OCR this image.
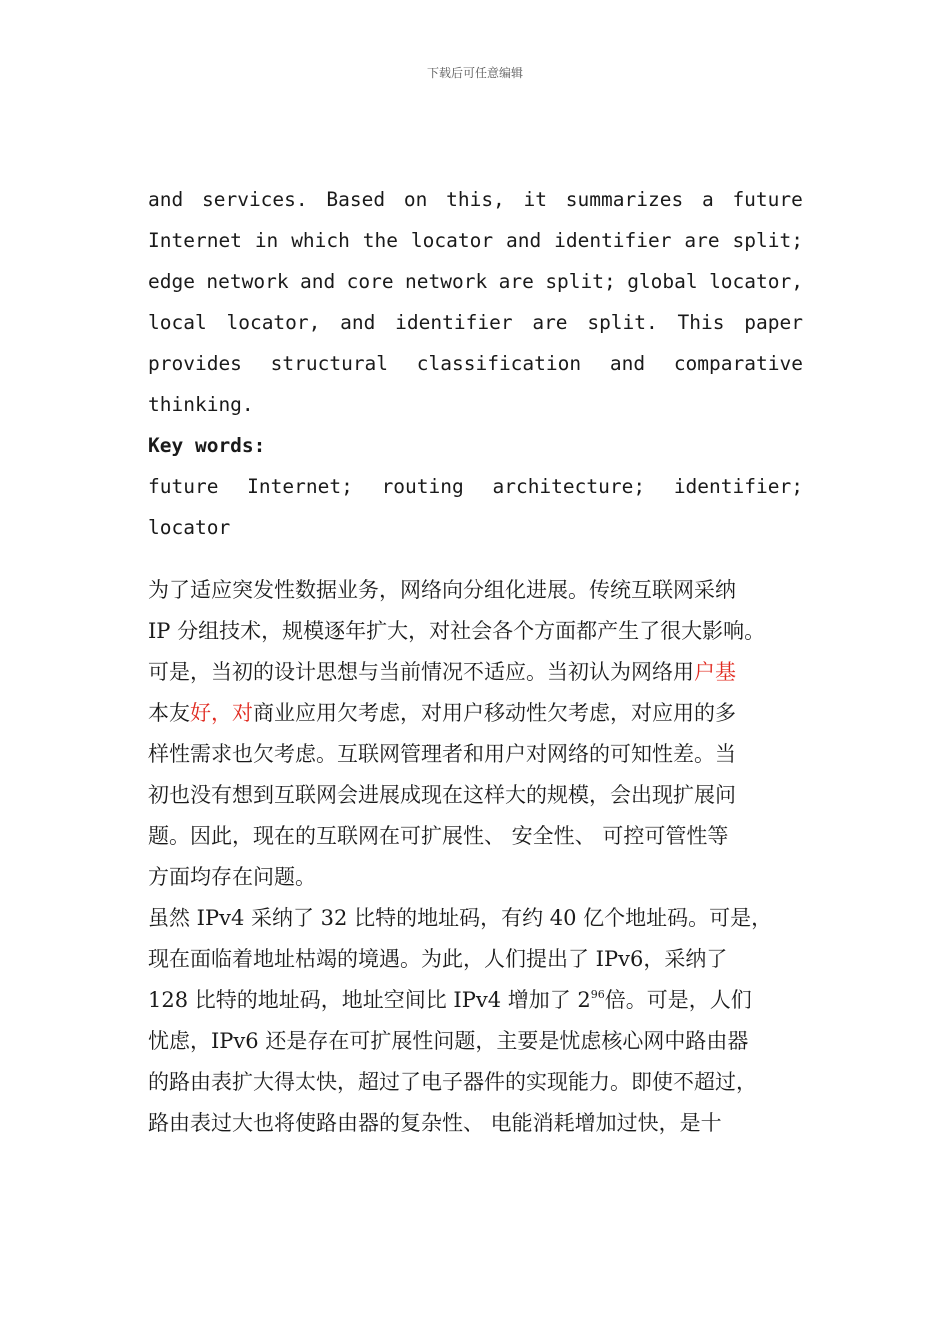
下载后可任意编辑
and services. Based on this, it summarizes a future
Internet in which the locator and identifier are split;
edge network and core network are split; global locator,
local locator, and identifier are split. This paper
provides structural classification and comparative
thinking.
Key words:
future Internet; routing architecture; identifier;
locator
为了适应突发性数据业务，网络向分组化进展。传统互联网采纳
IP 分组技术，规模逐年扩大，对社会各个方面都产生了很大影响。
可是，当初的设计思想与当前情况不适应。当初认为网络用户基
本友好，对商业应用欠考虑，对用户移动性欠考虑，对应用的多
样性需求也欠考虑。互联网管理者和用户对网络的可知性差。当
初也没有想到互联网会进展成现在这样大的规模，会出现扩展问
题。因此，现在的互联网在可扩展性、 安全性、 可控可管性等
方面均存在问题。
虽然 IPv4 采纳了 32 比特的地址码，有约 40 亿个地址码。可是，
现在面临着地址枯竭的境遇。为此，人们提出了 IPv6，采纳了
128 比特的地址码，地址空间比 IPv4 增加了 $2^{96}$倍。可是，人们
忧虑，IPv6 还是存在可扩展性问题，主要是忧虑核心网中路由器
的路由表扩大得太快，超过了电子器件的实现能力。即使不超过，
路由表过大也将使路由器的复杂性、 电能消耗增加过快，是十
